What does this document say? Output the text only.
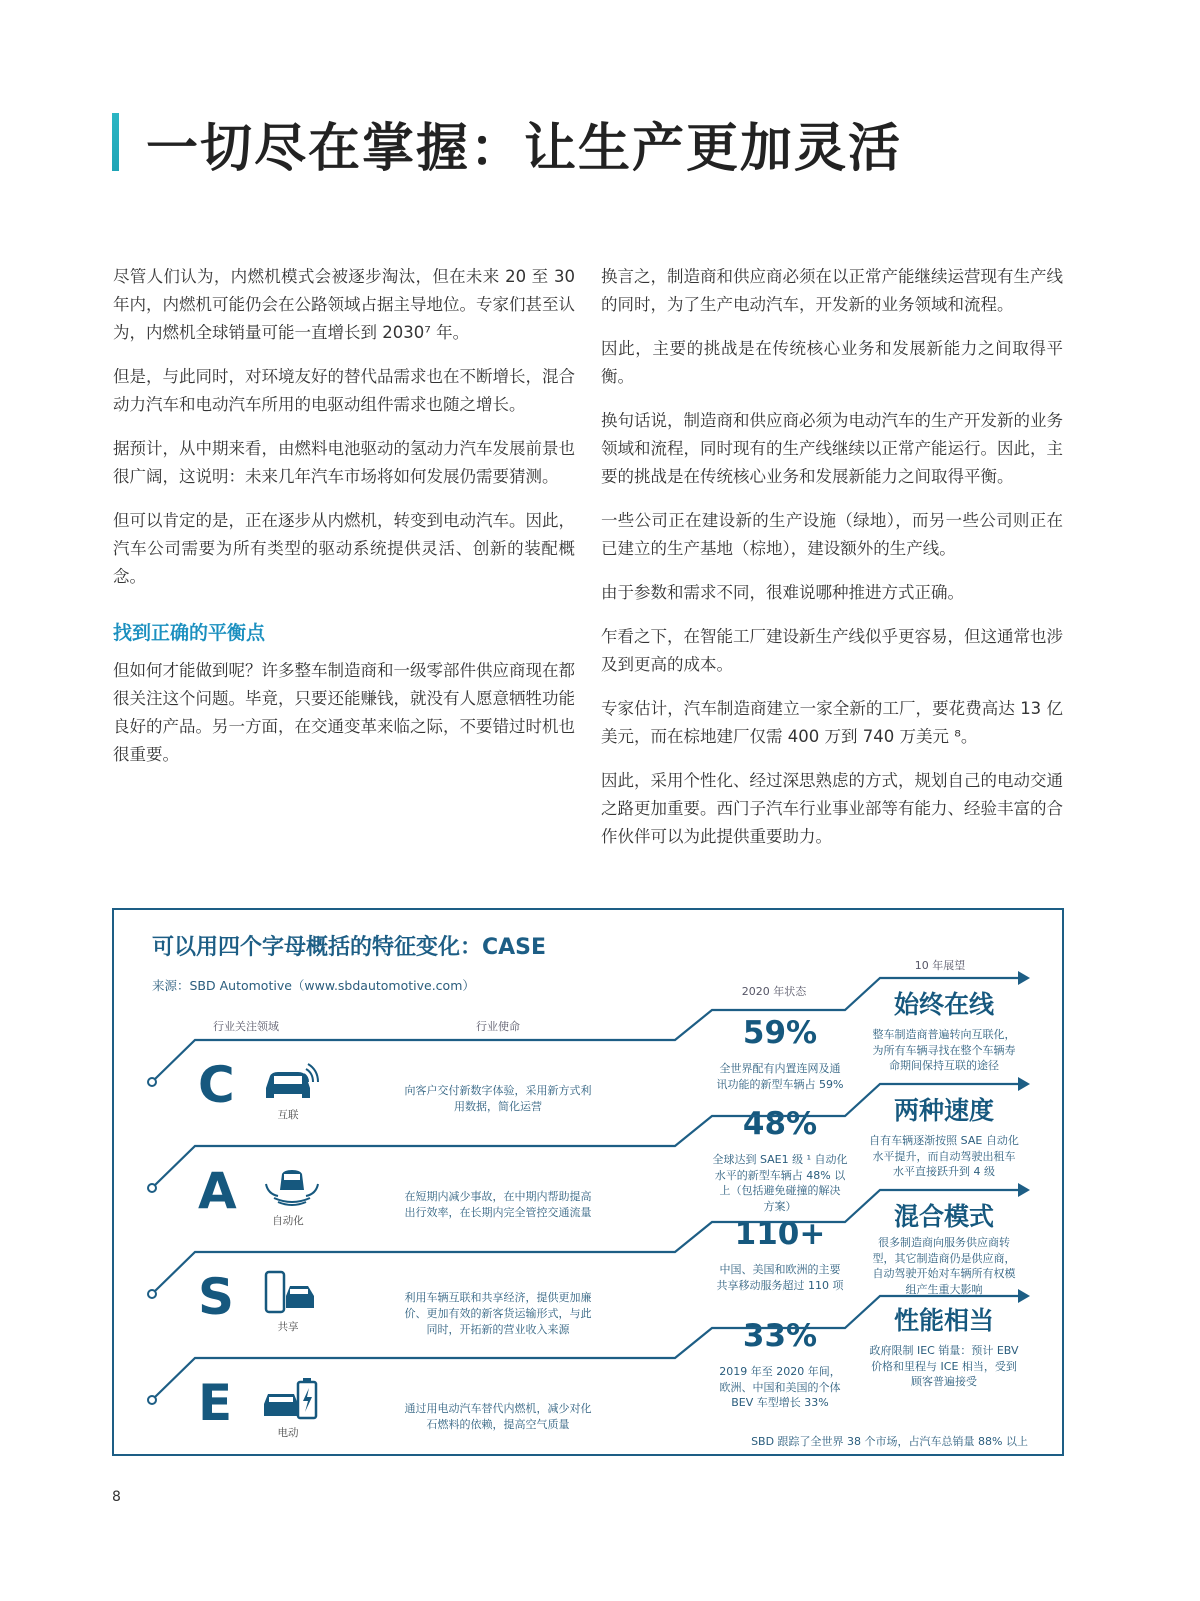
一切尽在掌握：让生产更加灵活

尽管人们认为，内燃机模式会被逐步淘汰，但在未来 20 至 30 年内，内燃机可能仍会在公路领域占据主导地位。专家们甚至认为，内燃机全球销量可能一直增长到 2030⁷ 年。

但是，与此同时，对环境友好的替代品需求也在不断增长，混合动力汽车和电动汽车所用的电驱动组件需求也随之增长。

据预计，从中期来看，由燃料电池驱动的氢动力汽车发展前景也很广阔，这说明：未来几年汽车市场将如何发展仍需要猜测。

但可以肯定的是，正在逐步从内燃机，转变到电动汽车。因此，汽车公司需要为所有类型的驱动系统提供灵活、创新的装配概念。

找到正确的平衡点

但如何才能做到呢？许多整车制造商和一级零部件供应商现在都很关注这个问题。毕竟，只要还能赚钱，就没有人愿意牺牲功能良好的产品。另一方面，在交通变革来临之际，不要错过时机也很重要。

换言之，制造商和供应商必须在以正常产能继续运营现有生产线的同时，为了生产电动汽车，开发新的业务领域和流程。

因此，主要的挑战是在传统核心业务和发展新能力之间取得平衡。

换句话说，制造商和供应商必须为电动汽车的生产开发新的业务领域和流程，同时现有的生产线继续以正常产能运行。因此，主要的挑战是在传统核心业务和发展新能力之间取得平衡。

一些公司正在建设新的生产设施（绿地），而另一些公司则正在已建立的生产基地（棕地），建设额外的生产线。

由于参数和需求不同，很难说哪种推进方式正确。

乍看之下，在智能工厂建设新生产线似乎更容易，但这通常也涉及到更高的成本。

专家估计，汽车制造商建立一家全新的工厂，要花费高达 13 亿美元，而在棕地建厂仅需 400 万到 740 万美元 ⁸。

因此，采用个性化、经过深思熟虑的方式，规划自己的电动交通之路更加重要。西门子汽车行业事业部等有能力、经验丰富的合作伙伴可以为此提供重要助力。

可以用四个字母概括的特征变化：CASE
来源：SBD Automotive（www.sbdautomotive.com）
行业关注领域	行业使命
2020 年状态
10 年展望
SBD 跟踪了全世界 38 个市场，占汽车总销量 88% 以上
C
互联
向客户交付新数字体验，采用新方式利
用数据，简化运营
59%
全世界配有内置连网及通
讯功能的新型车辆占 59%
始终在线
整车制造商普遍转向互联化，
为所有车辆寻找在整个车辆寿
命期间保持互联的途径
A
自动化
在短期内减少事故，在中期内帮助提高
出行效率，在长期内完全管控交通流量
48%
全球达到 SAE1 级 ¹ 自动化
水平的新型车辆占 48% 以
上（包括避免碰撞的解决
方案）
两种速度
自有车辆逐渐按照 SAE 自动化
水平提升，而自动驾驶出租车
水平直接跃升到 4 级
S
共享
利用车辆互联和共享经济，提供更加廉
价、更加有效的新客货运输形式，与此
同时，开拓新的营业收入来源
110+
中国、美国和欧洲的主要
共享移动服务超过 110 项
混合模式
很多制造商向服务供应商转
型，其它制造商仍是供应商，
自动驾驶开始对车辆所有权模
组产生重大影响
E
电动
通过用电动汽车替代内燃机，减少对化
石燃料的依赖，提高空气质量
33%
2019 年至 2020 年间，
欧洲、中国和美国的个体
BEV 车型增长 33%
性能相当
政府限制 IEC 销量：预计 EBV
价格和里程与 ICE 相当，受到
顾客普遍接受
8
